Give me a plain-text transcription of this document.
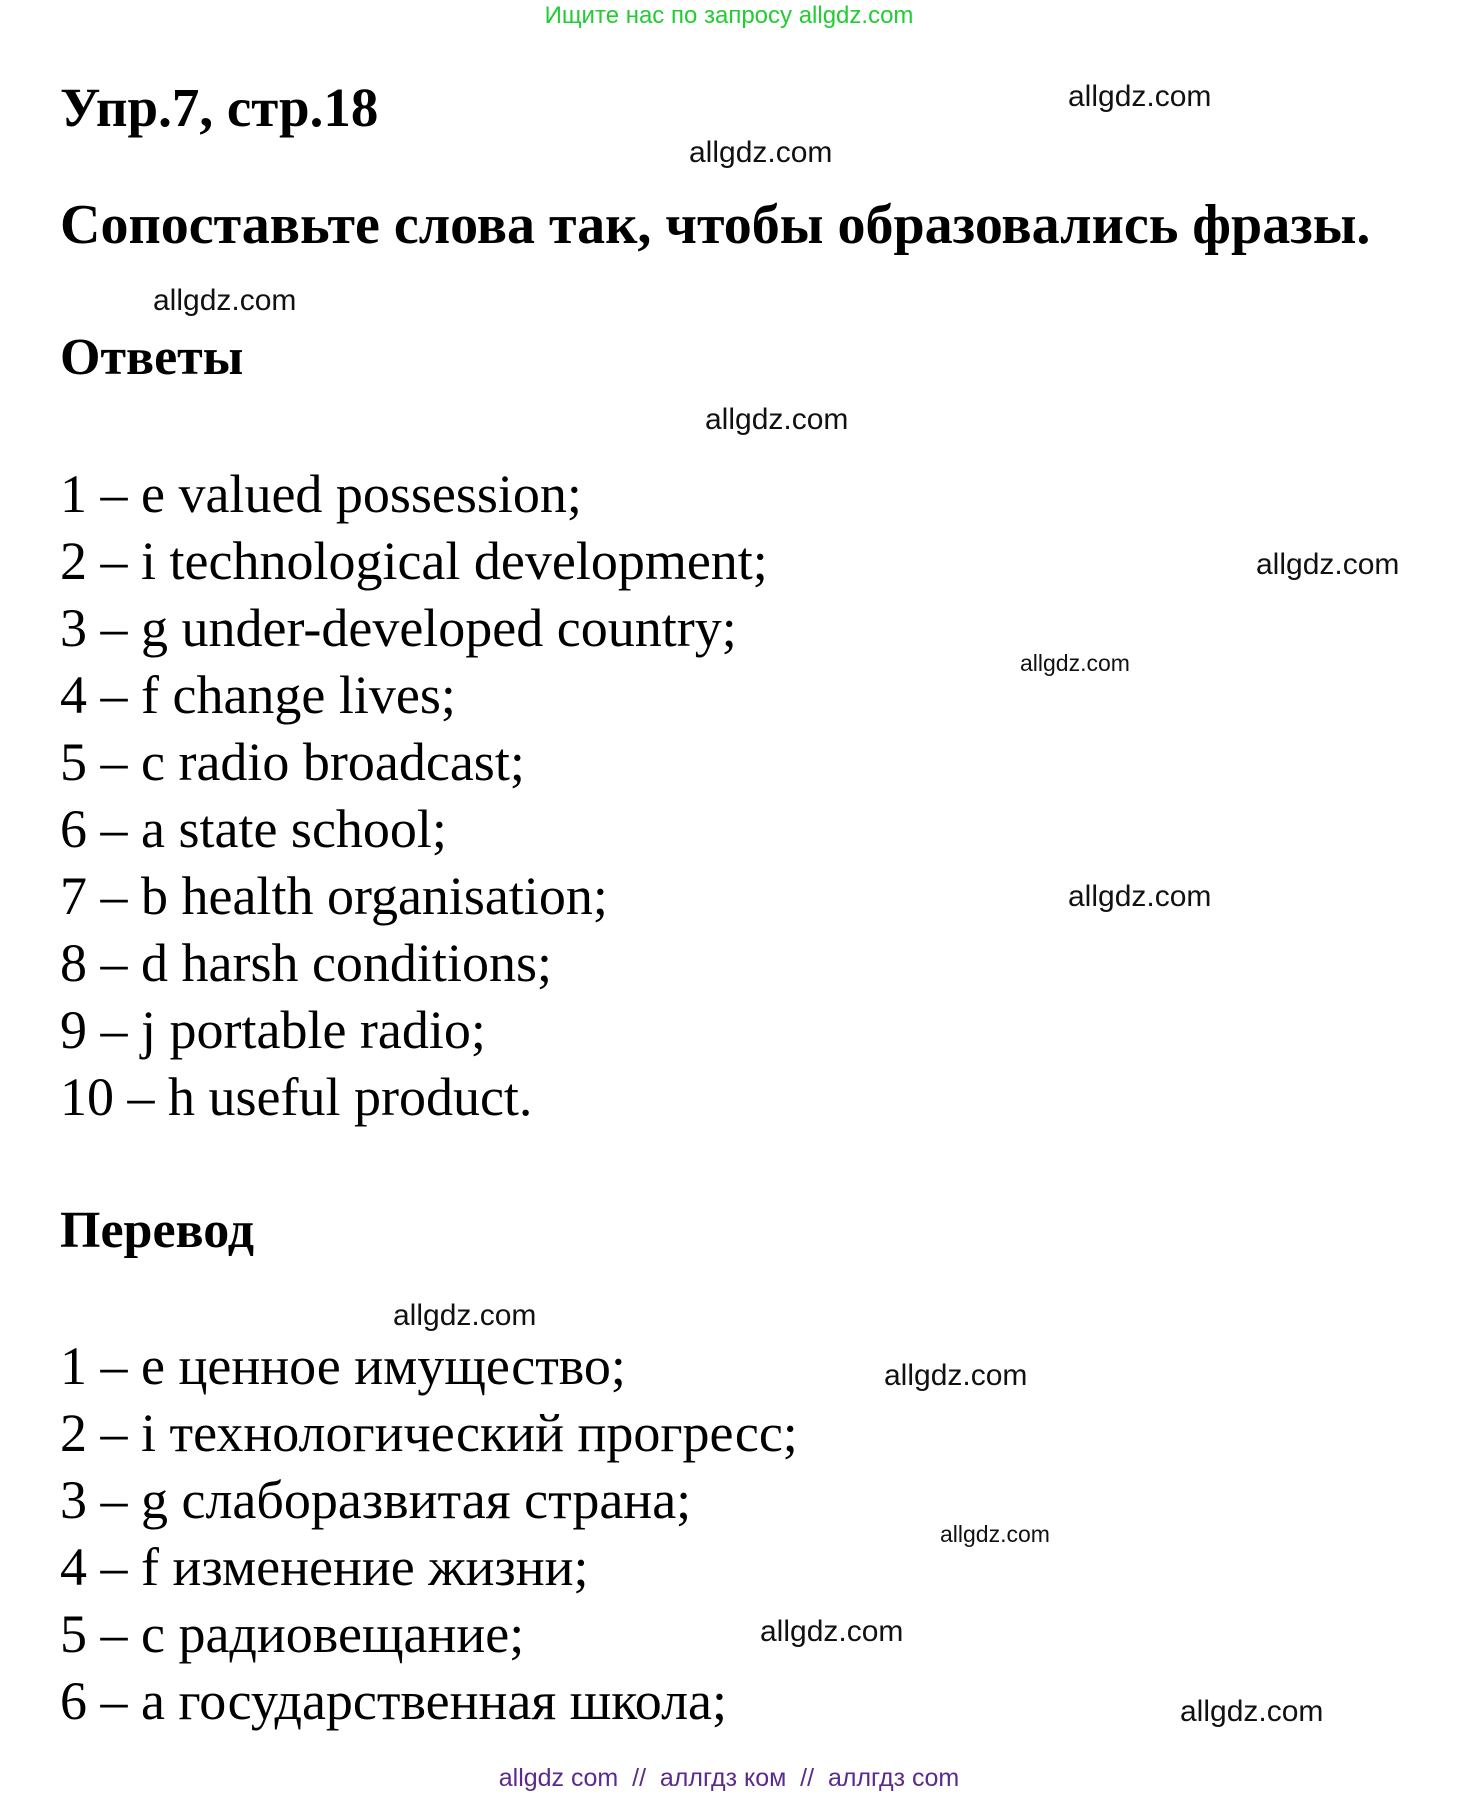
Ищите нас по запросу allgdz.com
Упр.7, стр.18
Сопоставьте слова так, чтобы образовались фразы.
Ответы
1 – e valued possession;
2 – i technological development;
3 – g under-developed country;
4 – f change lives;
5 – c radio broadcast;
6 – a state school;
7 – b health organisation;
8 – d harsh conditions;
9 – j portable radio;
10 – h useful product.
Перевод
1 – е ценное имущество;
2 – i технологический прогресс;
3 – g слаборазвитая страна;
4 – f изменение жизни;
5 – c радиовещание;
6 – a государственная школа;
allgdz.com
allgdz.com
allgdz.com
allgdz.com
allgdz.com
allgdz.com
allgdz.com
allgdz.com
allgdz.com
allgdz.com
allgdz.com
allgdz.com
allgdz com  //  аллгдз ком  //  аллгдз com
